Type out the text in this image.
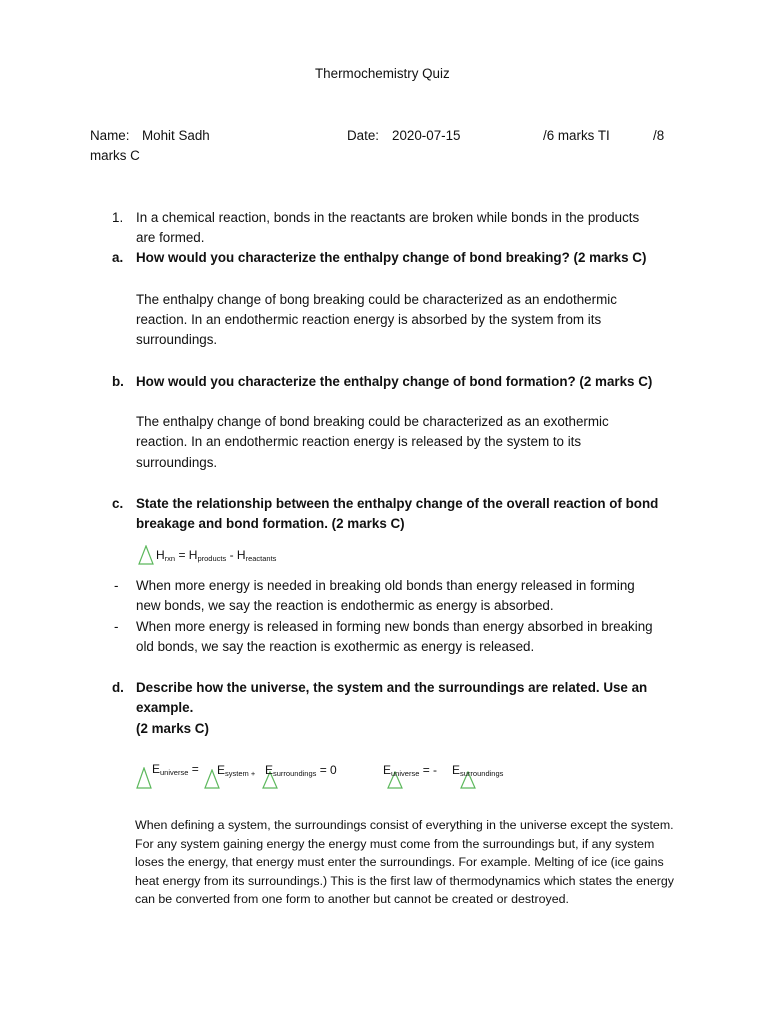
Thermochemistry Quiz
Name: Mohit Sadh	Date: 2020-07-15	/6 marks TI	/8
marks C
1. In a chemical reaction, bonds in the reactants are broken while bonds in the products
are formed.
a. How would you characterize the enthalpy change of bond breaking? (2 marks C)
The enthalpy change of bong breaking could be characterized as an endothermic
reaction. In an endothermic reaction energy is absorbed by the system from its
surroundings.
b. How would you characterize the enthalpy change of bond formation? (2 marks C)
The enthalpy change of bond breaking could be characterized as an exothermic
reaction. In an endothermic reaction energy is released by the system to its
surroundings.
c. State the relationship between the enthalpy change of the overall reaction of bond
breakage and bond formation. (2 marks C)
$H_{rxn} = H_{products} - H_{reactants}$
- When more energy is needed in breaking old bonds than energy released in forming
new bonds, we say the reaction is endothermic as energy is absorbed.
- When more energy is released in forming new bonds than energy absorbed in breaking
old bonds, we say the reaction is exothermic as energy is released.
d. Describe how the universe, the system and the surroundings are related. Use an
example.
(2 marks C)
$E_{universe} = E_{system +}$ $E_{surroundings} = 0$	$E_{universe}$ = - $E_{surroundings}$
When defining a system, the surroundings consist of everything in the universe except the system. For any system gaining energy the energy must come from the surroundings but, if any system loses the energy, that energy must enter the surroundings. For example. Melting of ice (ice gains heat energy from its surroundings.) This is the first law of thermodynamics which states the energy can be converted from one form to another but cannot be created or destroyed.
